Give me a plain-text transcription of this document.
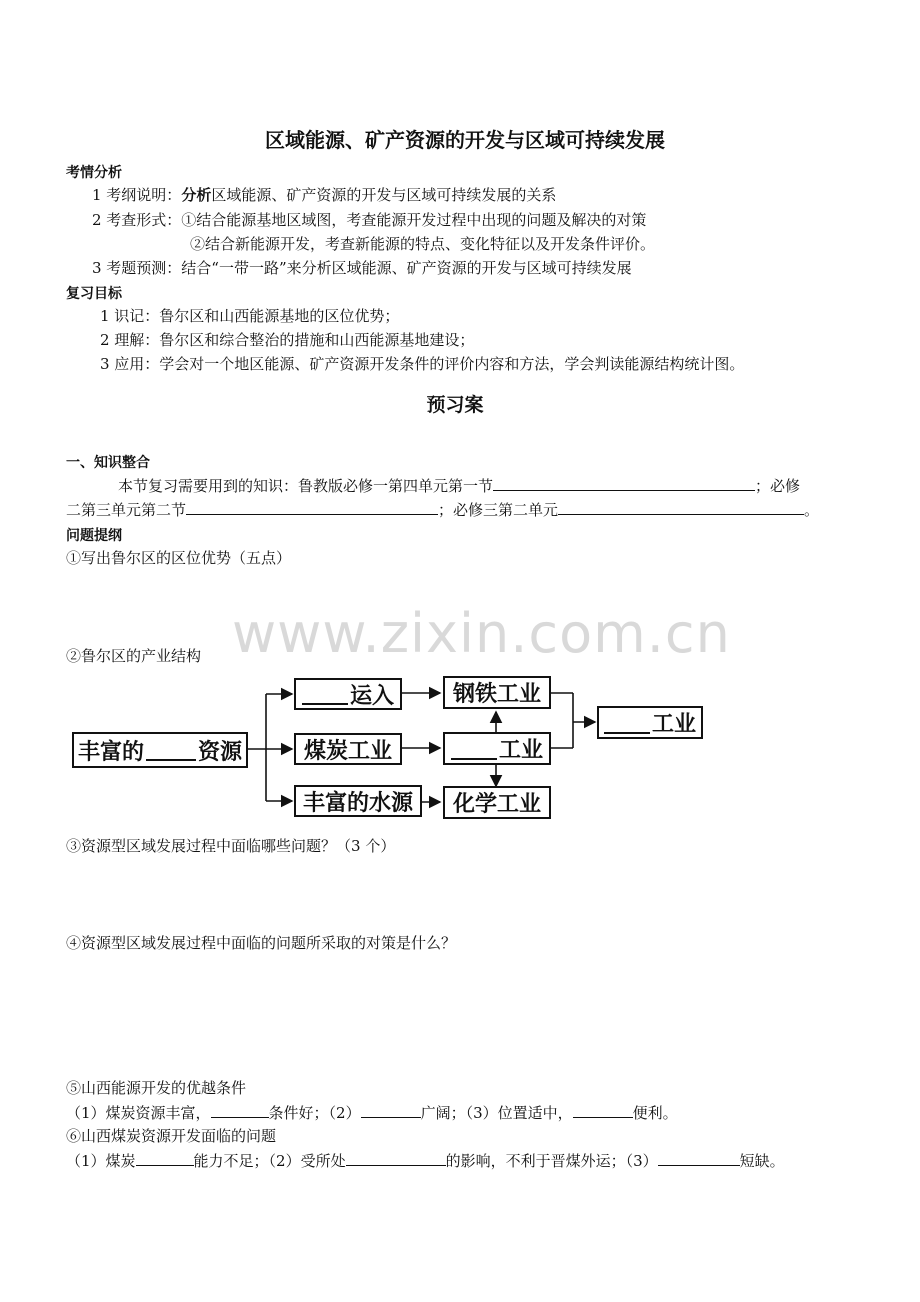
www.zixin.com.cn
区域能源、矿产资源的开发与区域可持续发展
考情分析
1 考纲说明：分析区域能源、矿产资源的开发与区域可持续发展的关系
2 考查形式：①结合能源基地区域图，考查能源开发过程中出现的问题及解决的对策
②结合新能源开发，考查新能源的特点、变化特征以及开发条件评价。
3 考题预测：结合“一带一路”来分析区域能源、矿产资源的开发与区域可持续发展
复习目标
1 识记：鲁尔区和山西能源基地的区位优势；
2 理解：鲁尔区和综合整治的措施和山西能源基地建设；
3 应用：学会对一个地区能源、矿产资源开发条件的评价内容和方法，学会判读能源结构统计图。
预习案
一、知识整合
本节复习需要用到的知识：鲁教版必修一第四单元第一节	；必修
二第三单元第二节	；必修三第二单元	。
问题提纲
①写出鲁尔区的区位优势（五点）
②鲁尔区的产业结构
丰富的 资源
运入
煤炭工业
丰富的水源
钢铁工业
工业
化学工业
工业
③资源型区域发展过程中面临哪些问题？（3 个）
④资源型区域发展过程中面临的问题所采取的对策是什么？
⑤山西能源开发的优越条件
（1）煤炭资源丰富，	条件好；（2）	广阔；（3）位置适中，	便利。
⑥山西煤炭资源开发面临的问题
（1）煤炭	能力不足；（2）受所处	的影响，不利于晋煤外运；（3）	短缺。
